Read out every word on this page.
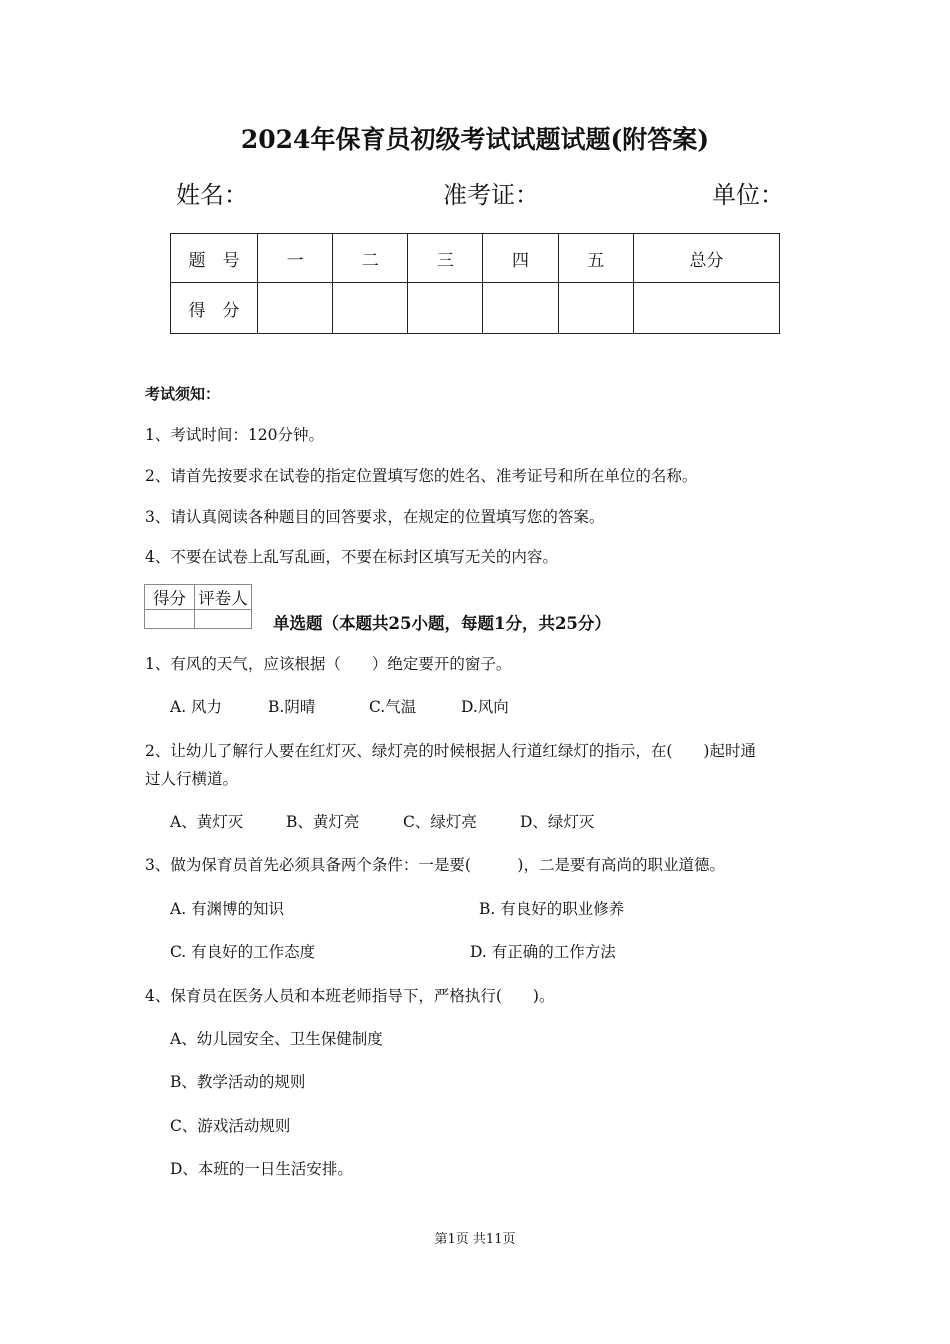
2024年保育员初级考试试题试题(附答案)
姓名：	准考证：	单位：
题　号	一	二	三	四	五	总分
得　分						
考试须知：
1、考试时间：120分钟。
2、请首先按要求在试卷的指定位置填写您的姓名、准考证号和所在单位的名称。
3、请认真阅读各种题目的回答要求，在规定的位置填写您的答案。
4、不要在试卷上乱写乱画，不要在标封区填写无关的内容。
得分	评卷人

单选题（本题共25小题，每题1分，共25分）
1、有风的天气，应该根据（　　）绝定要开的窗子。
A. 风力	B.阴晴	C.气温	D.风向
2、让幼儿了解行人要在红灯灭、绿灯亮的时候根据人行道红绿灯的指示，在(　　)起时通
过人行横道。
A、黄灯灭	B、黄灯亮	C、绿灯亮	D、绿灯灭
3、做为保育员首先必须具备两个条件：一是要(　　　)，二是要有高尚的职业道德。
A. 有渊博的知识	B. 有良好的职业修养
C. 有良好的工作态度	D. 有正确的工作方法
4、保育员在医务人员和本班老师指导下，严格执行(　　)。
A、幼儿园安全、卫生保健制度
B、教学活动的规则
C、游戏活动规则
D、本班的一日生活安排。
第1页 共11页
